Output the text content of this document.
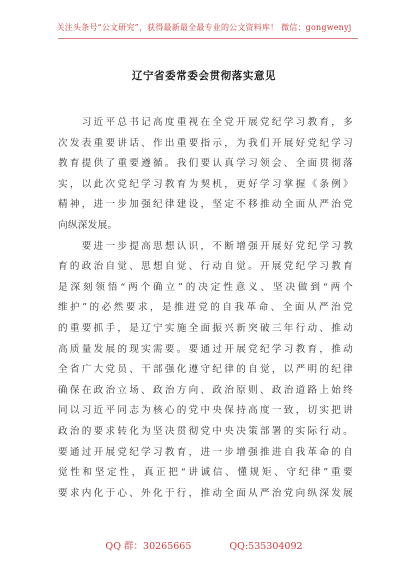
关注头条号“公文研究”，获得最新最全最专业的公文资料库！ 微信：gongwenyj
辽宁省委常委会贯彻落实意见
　　习近平总书记高度重视在全党开展党纪学习教育，多
次发表重要讲话、作出重要指示，为我们开展好党纪学习
教育提供了重要遵循。我们要认真学习领会、全面贯彻落
实，以此次党纪学习教育为契机，更好学习掌握《条例》
精神，进一步加强纪律建设，坚定不移推动全面从严治党
向纵深发展。
　　要进一步提高思想认识，不断增强开展好党纪学习教
育的政治自觉、思想自觉、行动自觉。开展党纪学习教育
是深刻领悟“两个确立”的决定性意义、坚决做到“两个
维护”的必然要求，是推进党的自我革命、全面从严治党
的重要抓手，是辽宁实施全面振兴新突破三年行动、推动
高质量发展的现实需要。要通过开展党纪学习教育，推动
全省广大党员、干部强化遵守纪律的自觉，以严明的纪律
确保在政治立场、政治方向、政治原则、政治道路上始终
同以习近平同志为核心的党中央保持高度一致，切实把讲
政治的要求转化为坚决贯彻党中央决策部署的实际行动。
要通过开展党纪学习教育，进一步增强推进自我革命的自
觉性和坚定性，真正把“讲诚信、懂规矩、守纪律”重要
要求内化于心、外化于行，推动全面从严治党向纵深发展
QQ 群：30265665	QQ:535304092
